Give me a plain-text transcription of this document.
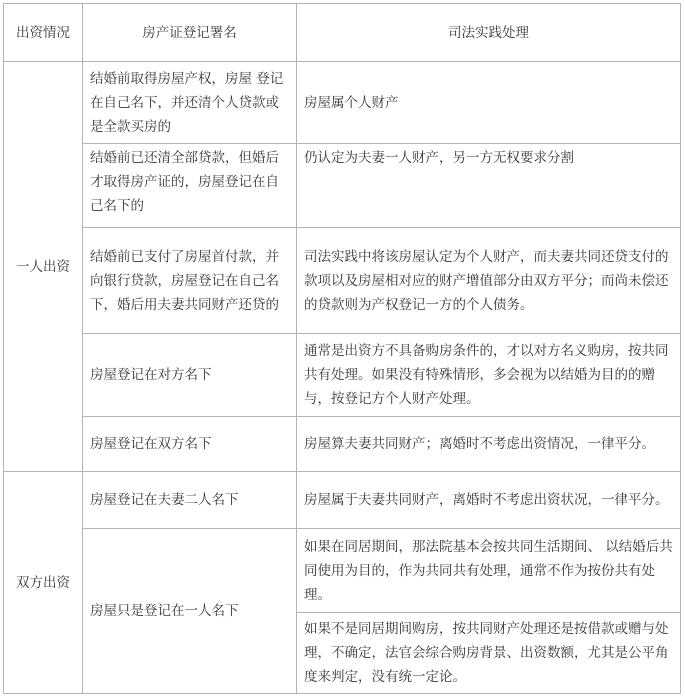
出资情况	房产证登记署名	司法实践处理
一人出资	结婚前取得房屋产权，房屋 登记在自己名下，并还清个人贷款或是全款买房的	房屋属个人财产
	结婚前已还清全部贷款，但婚后才取得房产证的，房屋登记在自己名下的	仍认定为夫妻一人财产，另一方无权要求分割
	结婚前已支付了房屋首付款，并向银行贷款，房屋登记在自己名下，婚后用夫妻共同财产还贷的	司法实践中将该房屋认定为个人财产，而夫妻共同还贷支付的款项以及房屋相对应的财产增值部分由双方平分；而尚未偿还的贷款则为产权登记一方的个人债务。
	房屋登记在对方名下	通常是出资方不具备购房条件的，才以对方名义购房，按共同共有处理。如果没有特殊情形，多会视为以结婚为目的的赠与，按登记方个人财产处理。
	房屋登记在双方名下	房屋算夫妻共同财产；离婚时不考虑出资情况，一律平分。
双方出资	房屋登记在夫妻二人名下	房屋属于夫妻共同财产，离婚时不考虑出资状况，一律平分。
	房屋只是登记在一人名下	如果在同居期间，那法院基本会按共同生活期间、 以结婚后共同使用为目的，作为共同共有处理，通常不作为按份共有处理。
		如果不是同居期间购房，按共同财产处理还是按借款或赠与处理，不确定，法官会综合购房背景、出资数额，尤其是公平角度来判定，没有统一定论。
